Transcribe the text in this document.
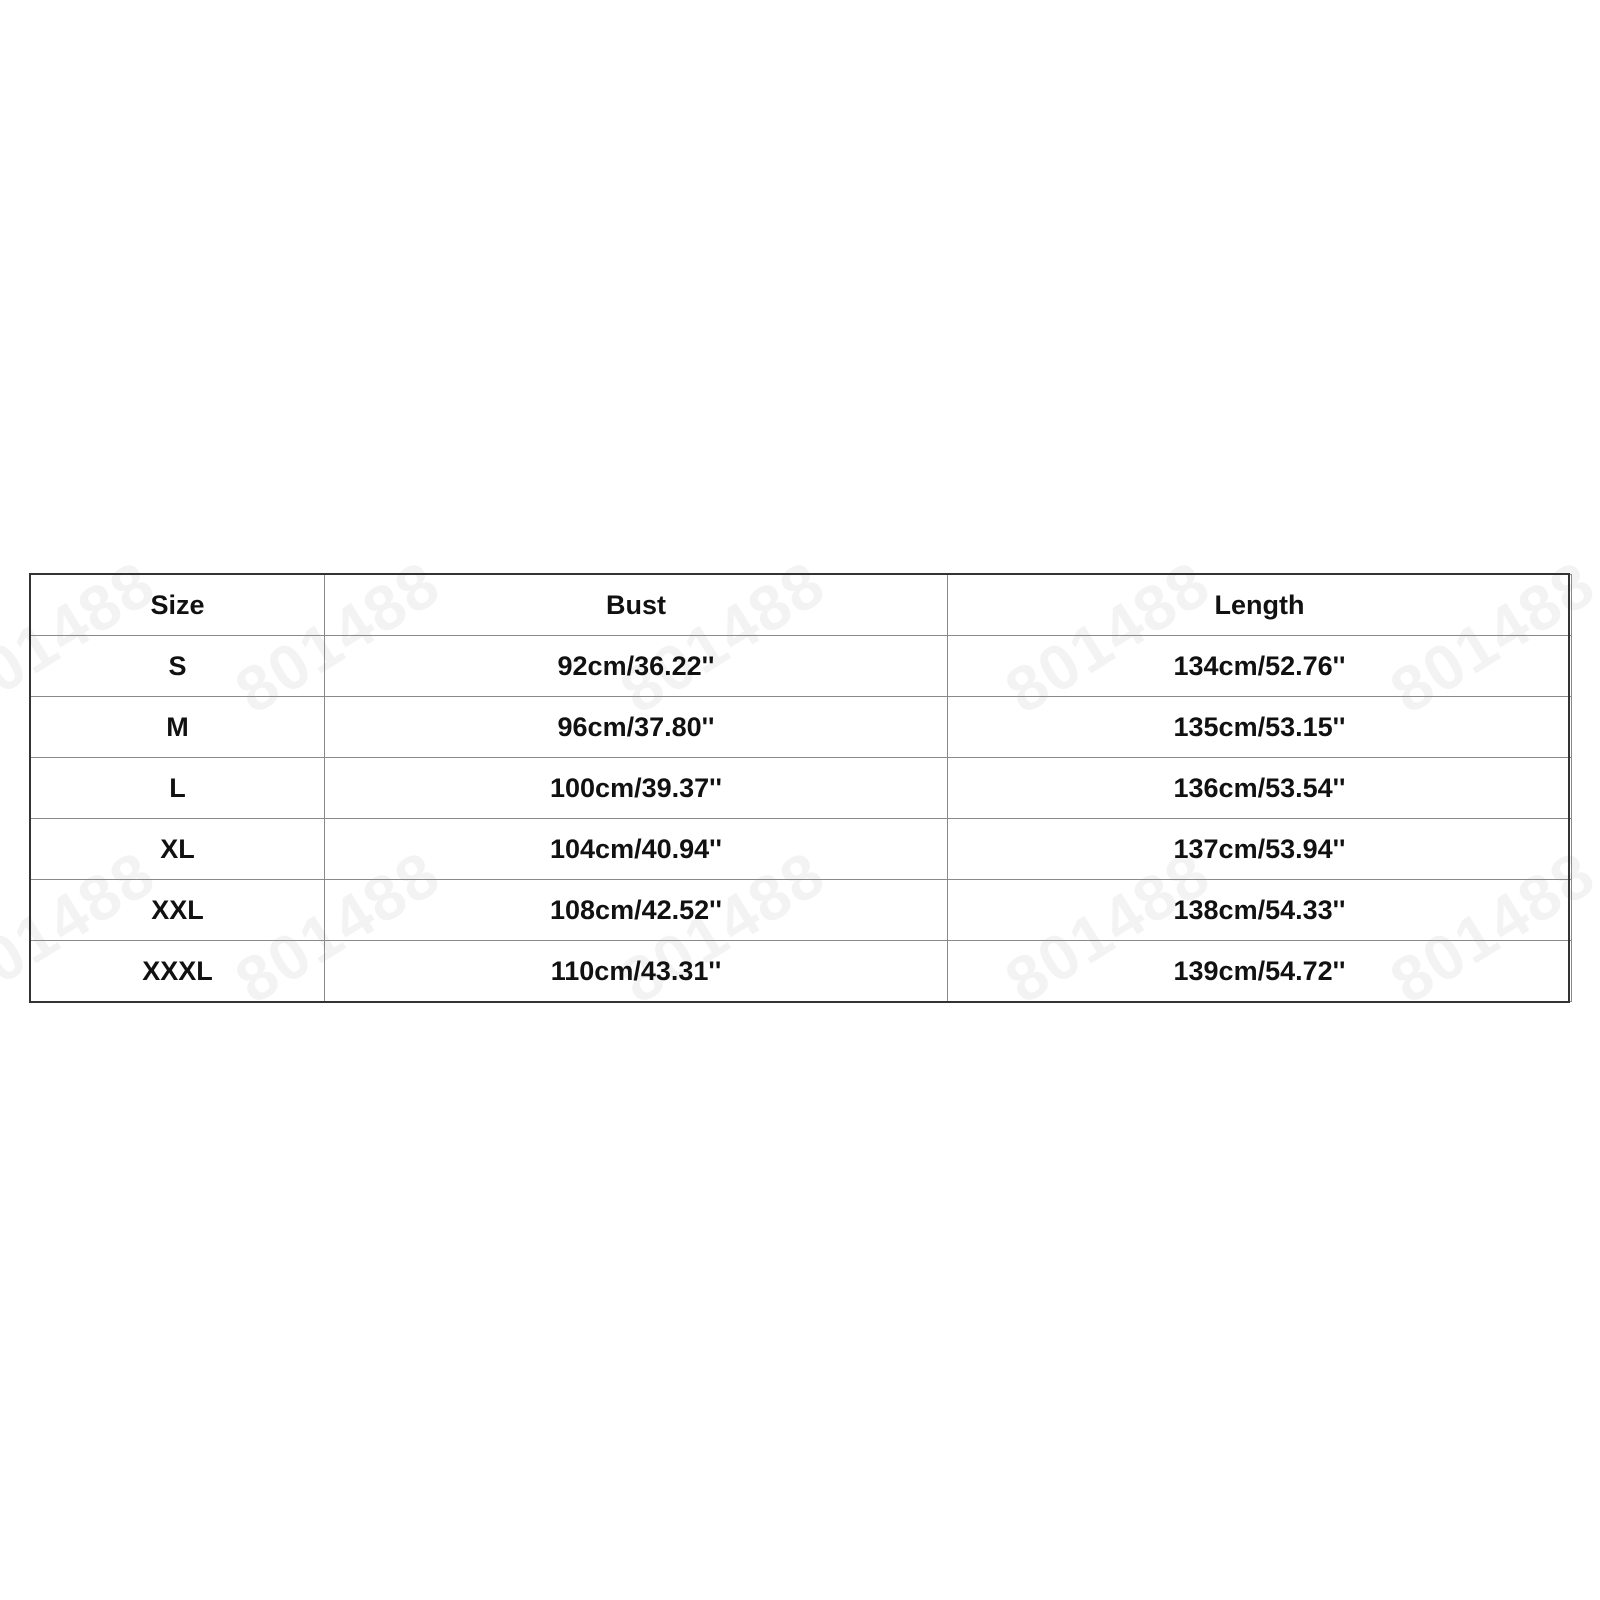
Size	Bust	Length
S	92cm/36.22''	134cm/52.76''
M	96cm/37.80''	135cm/53.15''
L	100cm/39.37''	136cm/53.54''
XL	104cm/40.94''	137cm/53.94''
XXL	108cm/42.52''	138cm/54.33''
XXXL	110cm/43.31''	139cm/54.72''
